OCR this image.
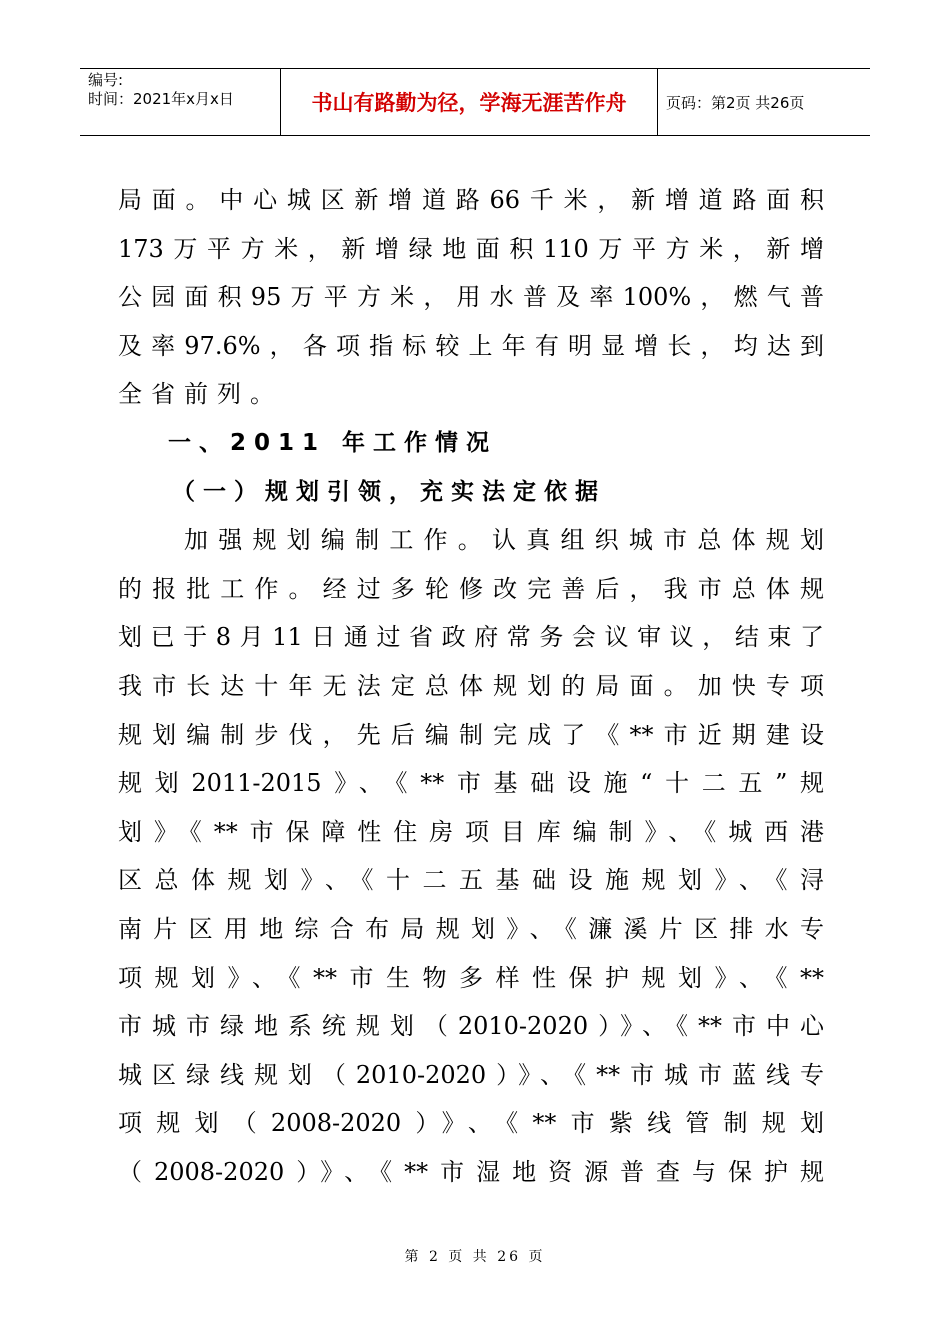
编号:
时间：2021年x月x日	书山有路勤为径，学海无涯苦作舟	页码：第2页 共26页
局面。中心城区新增道路66千米，新增道路面积
173万平方米，新增绿地面积110万平方米，新增
公园面积95万平方米，用水普及率100%，燃气普
及率97.6%，各项指标较上年有明显增长，均达到
全省前列。
一、2011 年工作情况
（一）规划引领，充实法定依据
加强规划编制工作。认真组织城市总体规划
的报批工作。经过多轮修改完善后，我市总体规
划已于8月11日通过省政府常务会议审议，结束了
我市长达十年无法定总体规划的局面。加快专项
规划编制步伐，先后编制完成了《**市近期建设
规划2011-2015》、《**市基础设施“十二五”规
划》《**市保障性住房项目库编制》、《城西港
区总体规划》、《十二五基础设施规划》、《浔
南片区用地综合布局规划》、《濂溪片区排水专
项规划》、《**市生物多样性保护规划》、《**
市城市绿地系统规划（2010-2020）》、《**市中心
城区绿线规划（2010-2020）》、《**市城市蓝线专
项规划（2008-2020）》、《**市紫线管制规划
（2008-2020）》、《**市湿地资源普查与保护规
第 2 页 共 26 页
